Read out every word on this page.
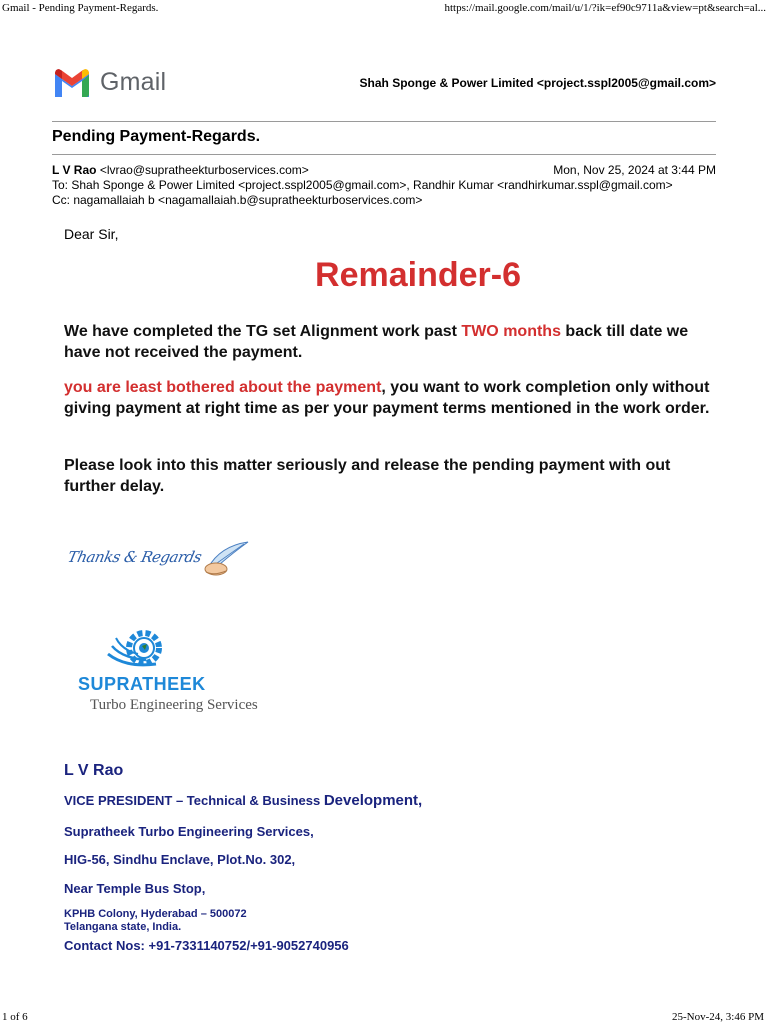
Gmail - Pending Payment-Regards.	https://mail.google.com/mail/u/1/?ik=ef90c9711a&view=pt&search=al...
Gmail	Shah Sponge & Power Limited <project.sspl2005@gmail.com>
Pending Payment-Regards.
L V Rao <lvrao@supratheekturboservices.com>	Mon, Nov 25, 2024 at 3:44 PM
To: Shah Sponge & Power Limited <project.sspl2005@gmail.com>, Randhir Kumar <randhirkumar.sspl@gmail.com>
Cc: nagamallaiah b <nagamallaiah.b@supratheekturboservices.com>
Dear Sir,
Remainder-6
We have completed the TG set Alignment work past TWO months back till date we have not received the payment.
you are least bothered about the payment, you want to work completion only without giving payment at right time as per your payment terms mentioned in the work order.
Please look into this matter seriously and release the pending payment with out further delay.
Thanks & Regards
SUPRATHEEK
Turbo Engineering Services
L V Rao
VICE PRESIDENT – Technical & Business Development,
Supratheek Turbo Engineering Services,
HIG-56, Sindhu Enclave, Plot.No. 302,
Near Temple Bus Stop,
KPHB Colony, Hyderabad – 500072
Telangana state, India.
Contact Nos: +91-7331140752/+91-9052740956
1 of 6	25-Nov-24, 3:46 PM
